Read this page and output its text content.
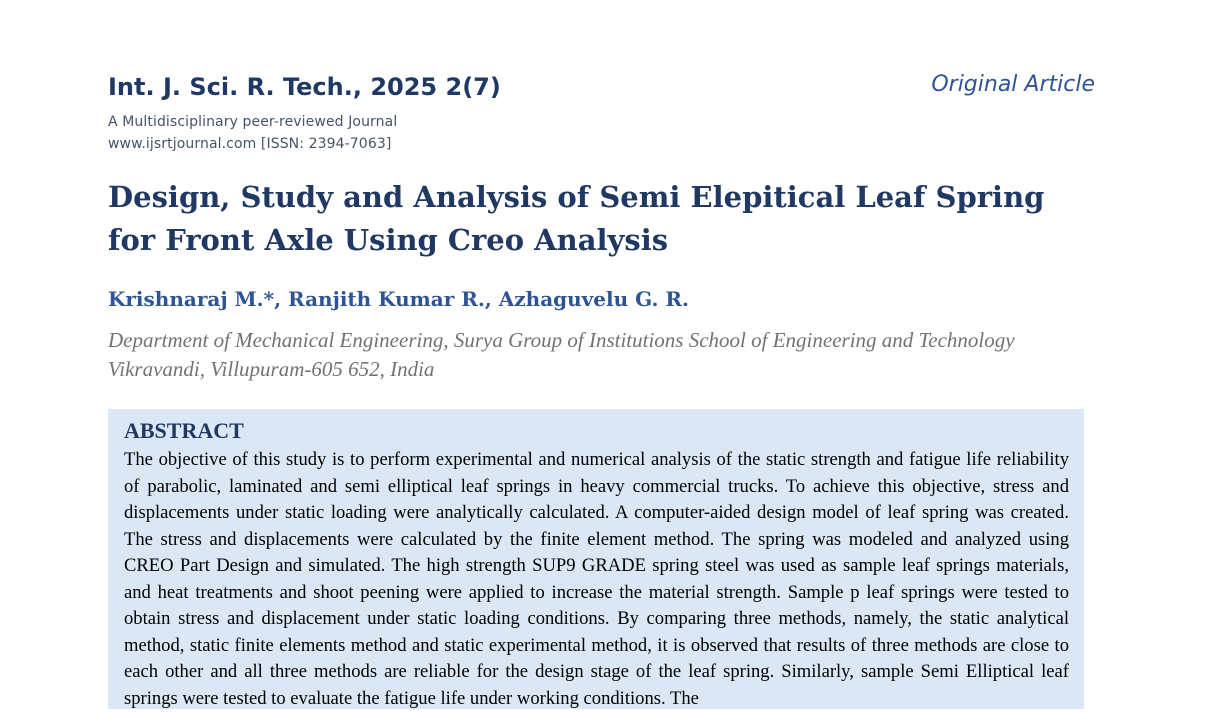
Int. J. Sci. R. Tech., 2025 2(7)	Original Article
A Multidisciplinary peer-reviewed Journal
www.ijsrtjournal.com [ISSN: 2394-7063]
Design, Study and Analysis of Semi Elepitical Leaf Spring for Front Axle Using Creo Analysis
Krishnaraj M.*, Ranjith Kumar R., Azhaguvelu G. R.
Department of Mechanical Engineering, Surya Group of Institutions School of Engineering and Technology
Vikravandi, Villupuram-605 652, India
ABSTRACT

The objective of this study is to perform experimental and numerical analysis of the static strength and fatigue life reliability of parabolic, laminated and semi elliptical leaf springs in heavy commercial trucks. To achieve this objective, stress and displacements under static loading were analytically calculated. A computer-aided design model of leaf spring was created. The stress and displacements were calculated by the finite element method. The spring was modeled and analyzed using CREO Part Design and simulated. The high strength SUP9 GRADE spring steel was used as sample leaf springs materials, and heat treatments and shoot peening were applied to increase the material strength. Sample p leaf springs were tested to obtain stress and displacement under static loading conditions. By comparing three methods, namely, the static analytical method, static finite elements method and static experimental method, it is observed that results of three methods are close to each other and all three methods are reliable for the design stage of the leaf spring. Similarly, sample Semi Elliptical leaf springs were tested to evaluate the fatigue life under working conditions. The
